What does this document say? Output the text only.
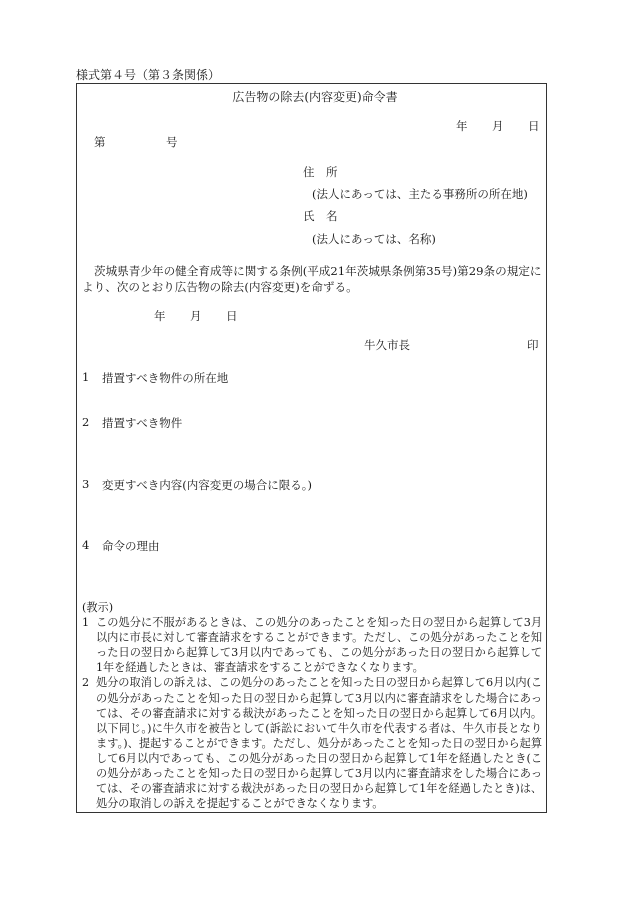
様式第４号（第３条関係）
広告物の除去(内容変更)命令書
年 月 日
第	号
住　所
(法人にあっては、主たる事務所の所在地)
氏　名
(法人にあっては、名称)
茨城県青少年の健全育成等に関する条例(平成21年茨城県条例第35号)第29条の規定に
より、次のとおり広告物の除去(内容変更)を命ずる。
年 月 日
牛久市長	印
1 措置すべき物件の所在地
2 措置すべき物件
3 変更すべき内容(内容変更の場合に限る。)
4 命令の理由

(教示)

1 この処分に不服があるときは、この処分のあったことを知った日の翌日から起算して3月以内に市長に対して審査請求をすることができます。ただし、この処分があったことを知った日の翌日から起算して3月以内であっても、この処分があった日の翌日から起算して1年を経過したときは、審査請求をすることができなくなります。

2 処分の取消しの訴えは、この処分のあったことを知った日の翌日から起算して6月以内(この処分があったことを知った日の翌日から起算して3月以内に審査請求をした場合にあっては、その審査請求に対する裁決があったことを知った日の翌日から起算して6月以内。以下同じ。)に牛久市を被告として(訴訟において牛久市を代表する者は、牛久市長となります。)、提起することができます。ただし、処分があったことを知った日の翌日から起算して6月以内であっても、この処分があった日の翌日から起算して1年を経過したとき(この処分があったことを知った日の翌日から起算して3月以内に審査請求をした場合にあっては、その審査請求に対する裁決があった日の翌日から起算して1年を経過したとき)は、処分の取消しの訴えを提起することができなくなります。
